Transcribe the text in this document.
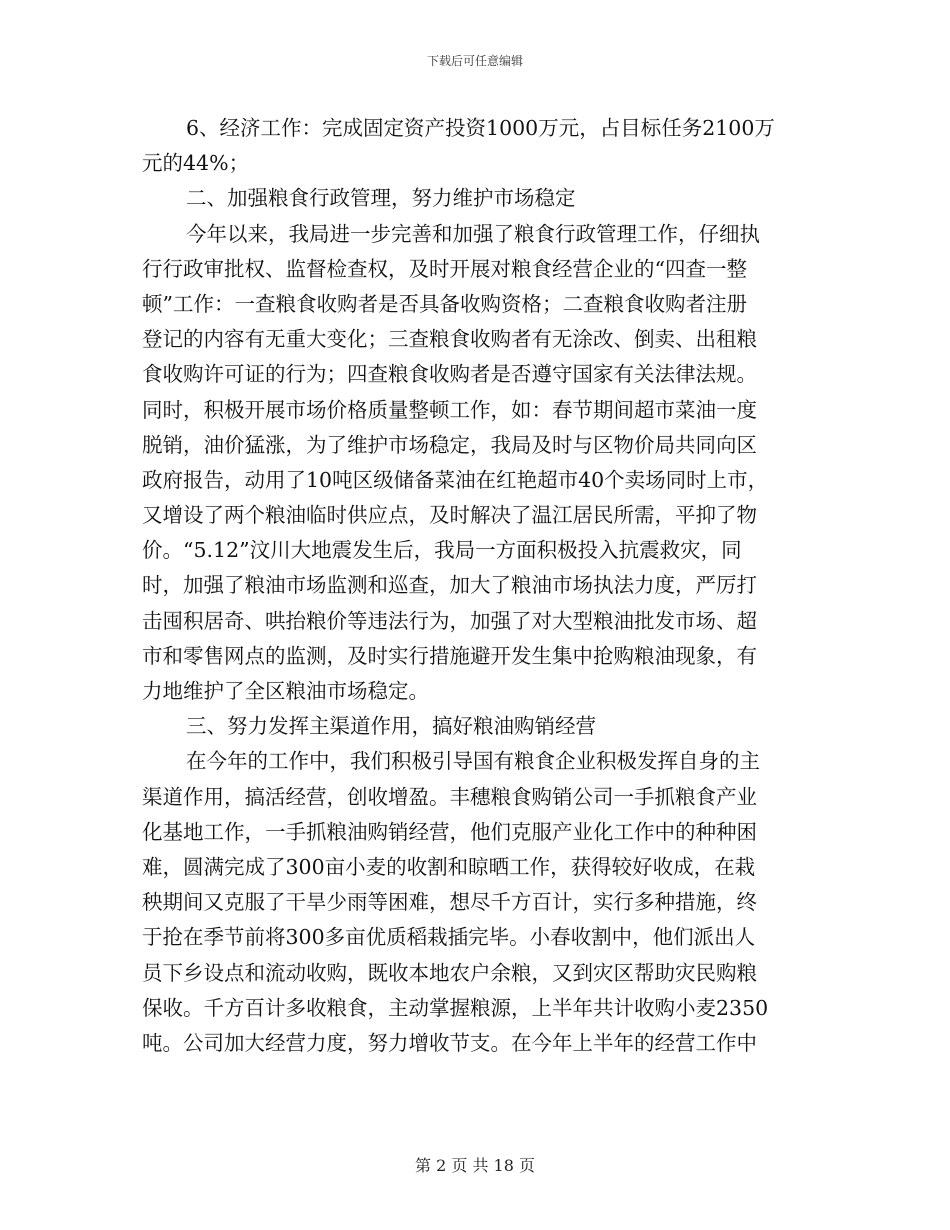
下载后可任意编辑
6、经济工作：完成固定资产投资1000万元，占目标任务2100万
元的44%；
二、加强粮食行政管理，努力维护市场稳定
今年以来，我局进一步完善和加强了粮食行政管理工作，仔细执
行行政审批权、监督检查权，及时开展对粮食经营企业的“四查一整
顿”工作：一查粮食收购者是否具备收购资格；二查粮食收购者注册
登记的内容有无重大变化；三查粮食收购者有无涂改、倒卖、出租粮
食收购许可证的行为；四查粮食收购者是否遵守国家有关法律法规。
同时，积极开展市场价格质量整顿工作，如：春节期间超市菜油一度
脱销，油价猛涨，为了维护市场稳定，我局及时与区物价局共同向区
政府报告，动用了10吨区级储备菜油在红艳超市40个卖场同时上市，
又增设了两个粮油临时供应点，及时解决了温江居民所需，平抑了物
价。“5.12”汶川大地震发生后，我局一方面积极投入抗震救灾，同
时，加强了粮油市场监测和巡查，加大了粮油市场执法力度，严厉打
击囤积居奇、哄抬粮价等违法行为，加强了对大型粮油批发市场、超
市和零售网点的监测，及时实行措施避开发生集中抢购粮油现象，有
力地维护了全区粮油市场稳定。
三、努力发挥主渠道作用，搞好粮油购销经营
在今年的工作中，我们积极引导国有粮食企业积极发挥自身的主
渠道作用，搞活经营，创收增盈。丰穗粮食购销公司一手抓粮食产业
化基地工作，一手抓粮油购销经营，他们克服产业化工作中的种种困
难，圆满完成了300亩小麦的收割和晾晒工作，获得较好收成，在栽
秧期间又克服了干旱少雨等困难，想尽千方百计，实行多种措施，终
于抢在季节前将300多亩优质稻栽插完毕。小春收割中，他们派出人
员下乡设点和流动收购，既收本地农户余粮，又到灾区帮助灾民购粮
保收。千方百计多收粮食，主动掌握粮源，上半年共计收购小麦2350
吨。公司加大经营力度，努力增收节支。在今年上半年的经营工作中
第 2 页 共 18 页
